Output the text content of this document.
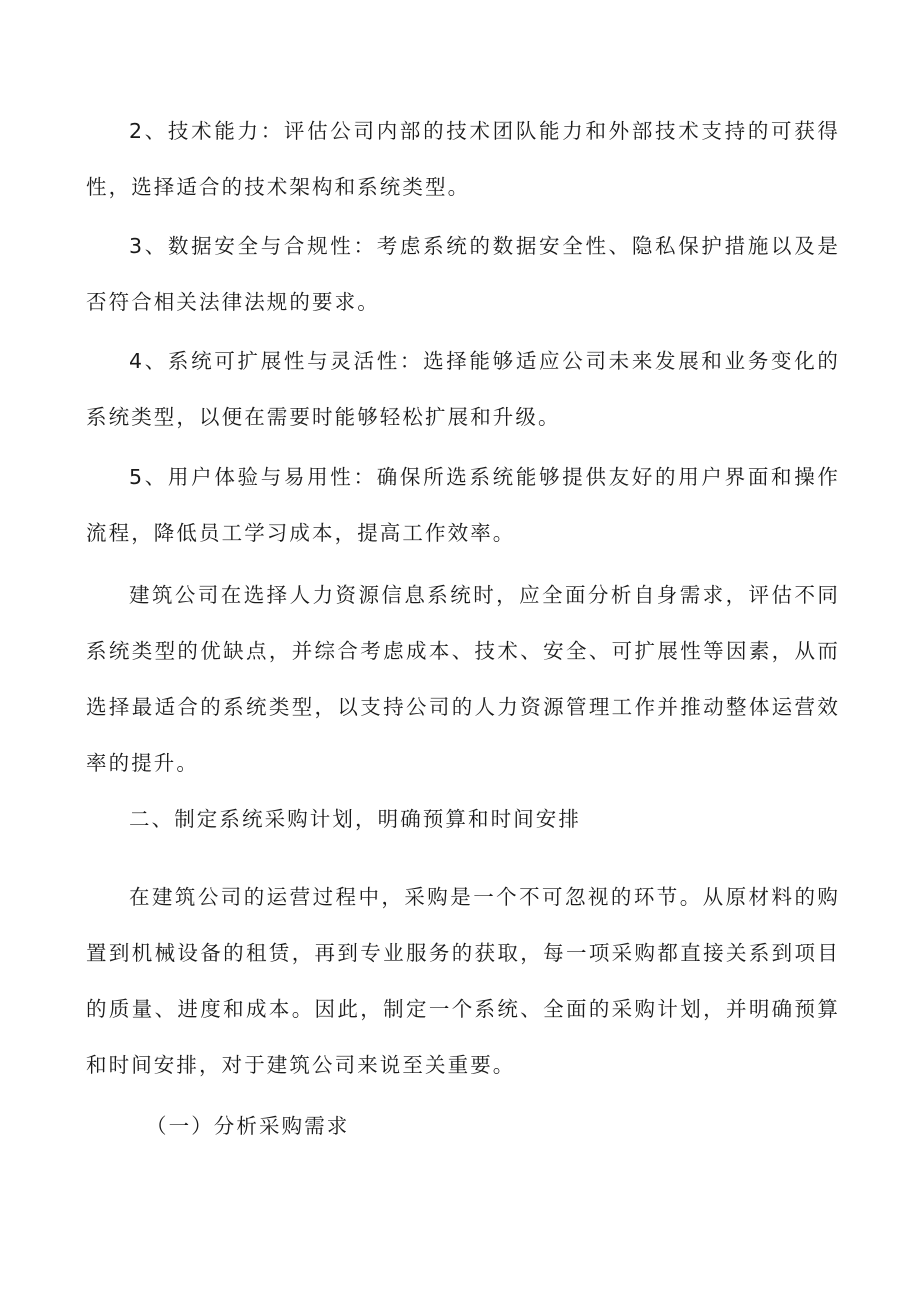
2、技术能力：评估公司内部的技术团队能力和外部技术支持的可获得性，选择适合的技术架构和系统类型。

3、数据安全与合规性：考虑系统的数据安全性、隐私保护措施以及是否符合相关法律法规的要求。

4、系统可扩展性与灵活性：选择能够适应公司未来发展和业务变化的系统类型，以便在需要时能够轻松扩展和升级。

5、用户体验与易用性：确保所选系统能够提供友好的用户界面和操作流程，降低员工学习成本，提高工作效率。

建筑公司在选择人力资源信息系统时，应全面分析自身需求，评估不同系统类型的优缺点，并综合考虑成本、技术、安全、可扩展性等因素，从而选择最适合的系统类型，以支持公司的人力资源管理工作并推动整体运营效率的提升。

二、制定系统采购计划，明确预算和时间安排

在建筑公司的运营过程中，采购是一个不可忽视的环节。从原材料的购置到机械设备的租赁，再到专业服务的获取，每一项采购都直接关系到项目的质量、进度和成本。因此，制定一个系统、全面的采购计划，并明确预算和时间安排，对于建筑公司来说至关重要。

（一）分析采购需求
